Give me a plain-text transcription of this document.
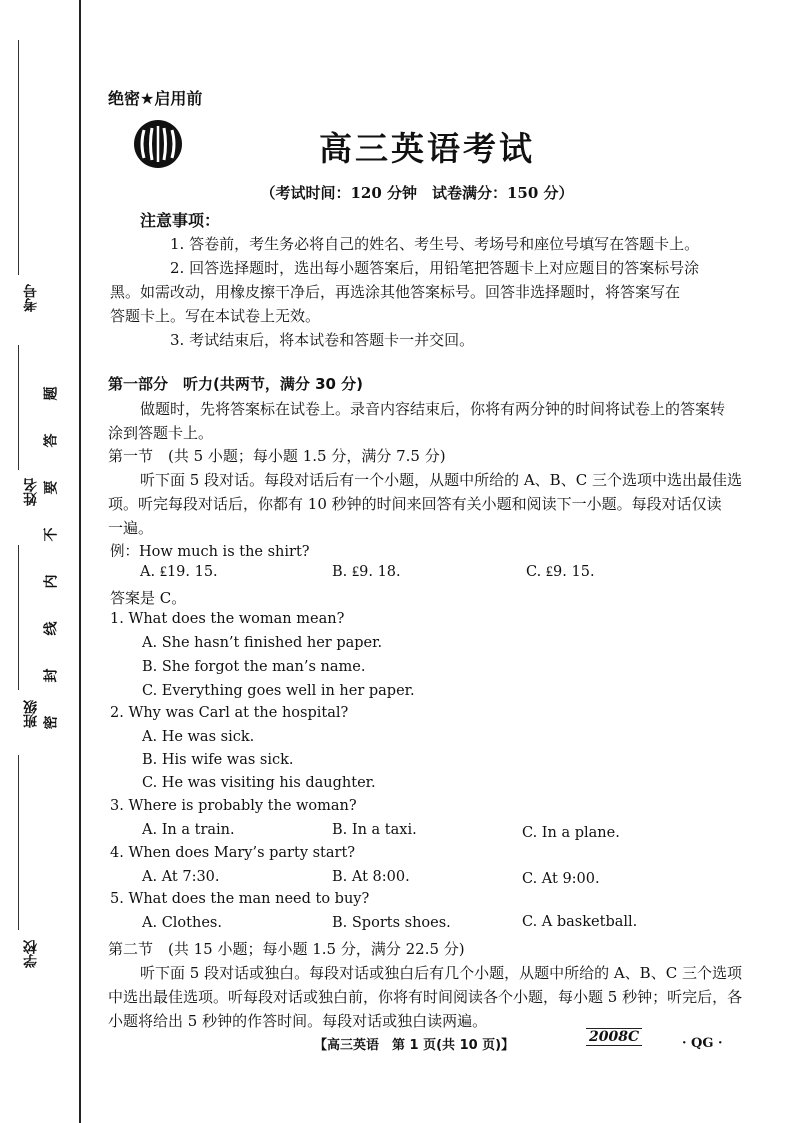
考号
姓名
班级
学校
题
答
要
不
内
线
封
密
绝密★启用前
高三英语考试
（考试时间：120 分钟　试卷满分：150 分）
注意事项：
1. 答卷前，考生务必将自己的姓名、考生号、考场号和座位号填写在答题卡上。
2. 回答选择题时，选出每小题答案后，用铅笔把答题卡上对应题目的答案标号涂
黑。如需改动，用橡皮擦干净后，再选涂其他答案标号。回答非选择题时，将答案写在
答题卡上。写在本试卷上无效。
3. 考试结束后，将本试卷和答题卡一并交回。
第一部分　听力(共两节，满分 30 分)
做题时，先将答案标在试卷上。录音内容结束后，你将有两分钟的时间将试卷上的答案转
涂到答题卡上。
第一节　(共 5 小题；每小题 1.5 分，满分 7.5 分)
听下面 5 段对话。每段对话后有一个小题，从题中所给的 A、B、C 三个选项中选出最佳选
项。听完每段对话后，你都有 10 秒钟的时间来回答有关小题和阅读下一小题。每段对话仅读
一遍。
例：How much is the shirt?
A. ₤19. 15.	B. ₤9. 18.	C. ₤9. 15.
答案是 C。
1. What does the woman mean?
A. She hasn’t finished her paper.
B. She forgot the man’s name.
C. Everything goes well in her paper.
2. Why was Carl at the hospital?
A. He was sick.
B. His wife was sick.
C. He was visiting his daughter.
3. Where is probably the woman?
A. In a train.	B. In a taxi.	C. In a plane.
4. When does Mary’s party start?
A. At 7:30.	B. At 8:00.	C. At 9:00.
5. What does the man need to buy?
A. Clothes.	B. Sports shoes.	C. A basketball.
第二节　(共 15 小题；每小题 1.5 分，满分 22.5 分)
听下面 5 段对话或独白。每段对话或独白后有几个小题，从题中所给的 A、B、C 三个选项
中选出最佳选项。听每段对话或独白前，你将有时间阅读各个小题，每小题 5 秒钟；听完后，各
小题将给出 5 秒钟的作答时间。每段对话或独白读两遍。
【高三英语　第 1 页(共 10 页)】
2008C	· QG ·
